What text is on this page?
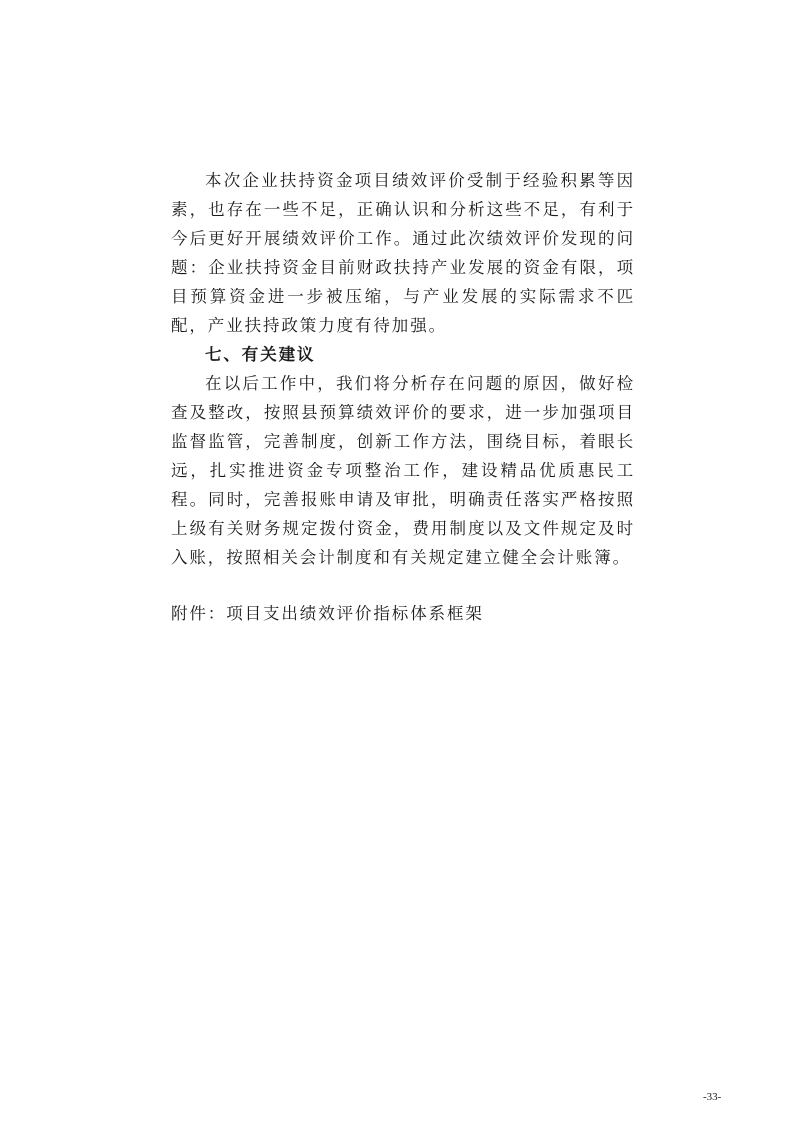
本次企业扶持资金项目绩效评价受制于经验积累等因素，也存在一些不足，正确认识和分析这些不足，有利于今后更好开展绩效评价工作。通过此次绩效评价发现的问题：企业扶持资金目前财政扶持产业发展的资金有限，项目预算资金进一步被压缩，与产业发展的实际需求不匹配，产业扶持政策力度有待加强。

七、有关建议

在以后工作中，我们将分析存在问题的原因，做好检查及整改，按照县预算绩效评价的要求，进一步加强项目监督监管，完善制度，创新工作方法，围绕目标，着眼长远，扎实推进资金专项整治工作，建设精品优质惠民工程。同时，完善报账申请及审批，明确责任落实严格按照上级有关财务规定拨付资金，费用制度以及文件规定及时入账，按照相关会计制度和有关规定建立健全会计账簿。

附件：项目支出绩效评价指标体系框架

-33-
